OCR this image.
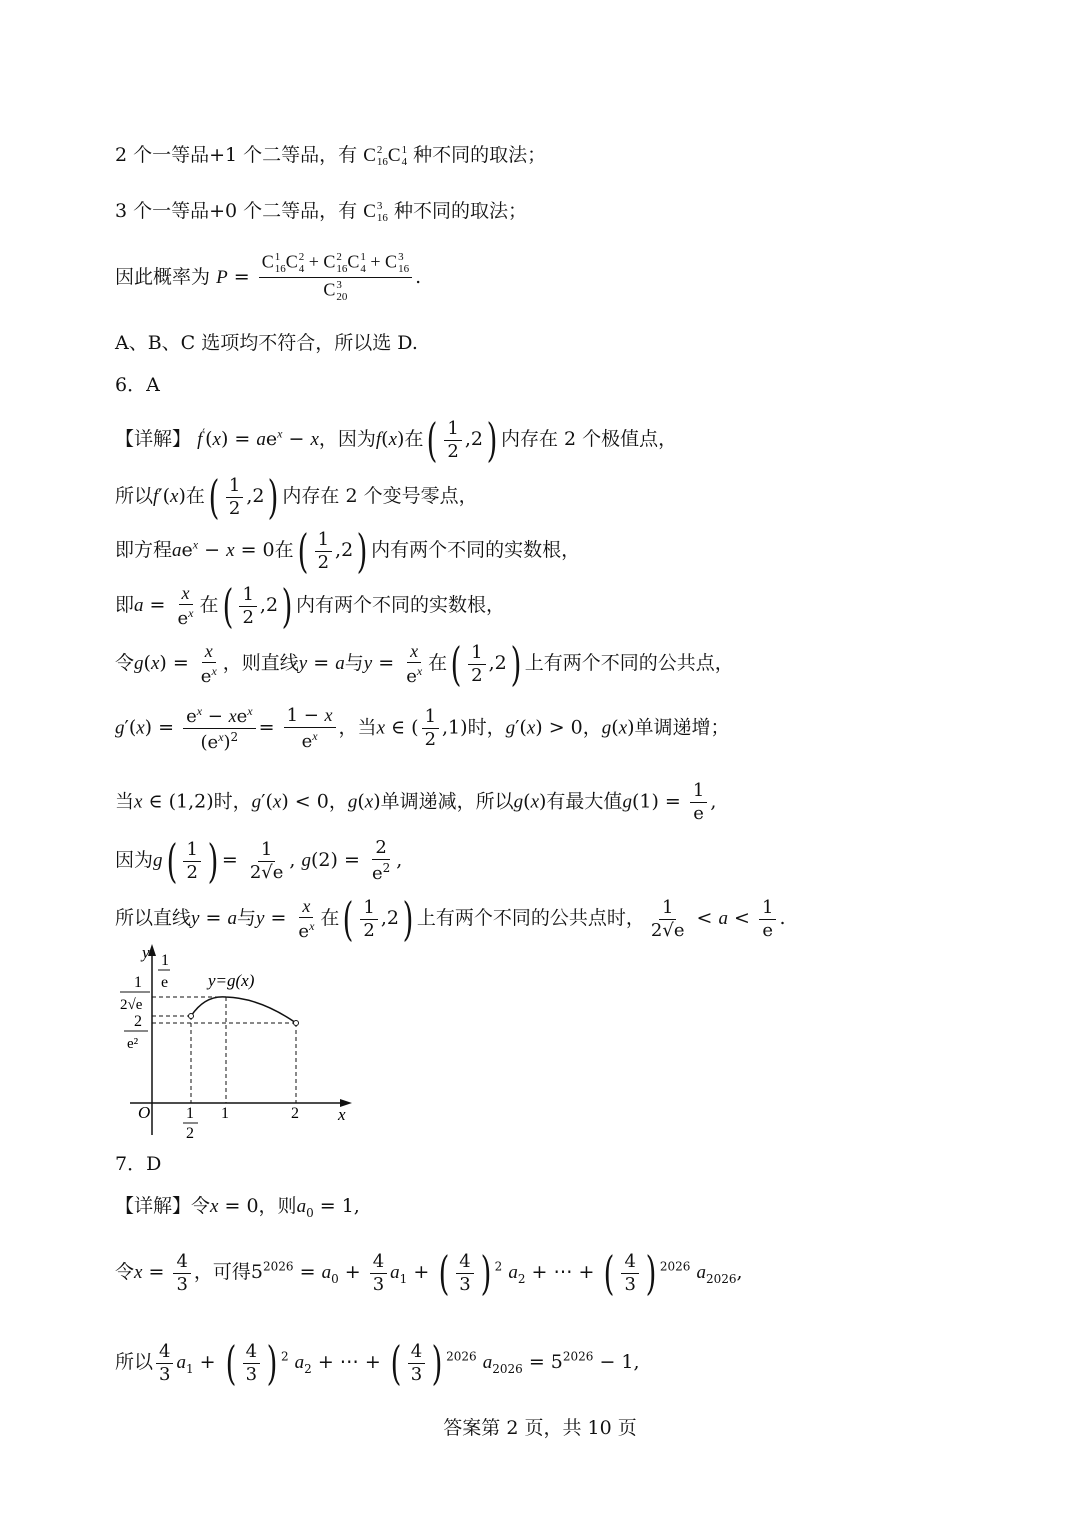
2 个一等品+1 个二等品，有 C 2
16 C 1
4 种不同的取法；
3 个一等品+0 个二等品，有 C 3
16 种不同的取法；
因此概率为 P = C 1
16 C 2
4 + C 2
16 C 1
4 + C 3
16
C 3
20 .
A、B、C 选项均不符合，所以选 D.
6．A
【详解】 $f'(x) = ae^x - x$，因为f(x)在( $\frac{1}{2} ,2$) 内存在 2 个极值点，
所以f′(x)在( $\frac{1}{2} ,2$) 内存在 2 个变号零点，
即方程$ae^x - x = 0$在( $\frac{1}{2} ,2$) 内有两个不同的实数根，
即$a = \frac{x}{e^x}$ 在( $\frac{1}{2} ,2$) 内有两个不同的实数根，
令$g(x) = \frac{x}{e^x}$ ，则直线y = a与$y = \frac{x}{e^x}$ 在( $\frac{1}{2} ,2$) 上有两个不同的公共点，
$g'(x) = \frac{e^x - xe^x}{(e^x)^2} = \frac{1 - x}{e^x}$ ，当x ∈ ( $\frac{1}{2} ,1$)时，g′(x) > 0，g(x)单调递增；
当x ∈ (1,2)时，g′(x) < 0，g(x)单调递减，所以g(x)有最大值$g(1) = \frac{1}{e}$ ,
因为$g( \frac{1}{2}$ ) = $\frac{1}{2√e}$ , $g(2) = \frac{2}{e^2}$ ,
所以直线y = a与$y = \frac{x}{e^x}$ 在( $\frac{1}{2} ,2$) 上有两个不同的公共点时， $\frac{1}{2√e} < a < \frac{1}{e}$ .
y
x
O
y=g(x)
1
e
1
2√e
2
e²
1
2
1	2
7．D
【详解】令x = 0，则$a_0 = 1$,
令$x = \frac{4}{3}$ ，可得$5^{2026} = a_0 + \frac{4}{3} a_1$ + ( $\frac{4}{3}$ ) $^2$ $a_2$ + ⋯ + ( $\frac{4}{3}$ ) $^{2026}$ $a_{2026}$,
所以 $\frac{4}{3} a_1$ + ( $\frac{4}{3}$ ) $^2$ $a_2$ + ⋯ + ( $\frac{4}{3}$ ) $^{2026}$ $a_{2026} = 5^{2026} - 1$,
答案第 2 页，共 10 页
